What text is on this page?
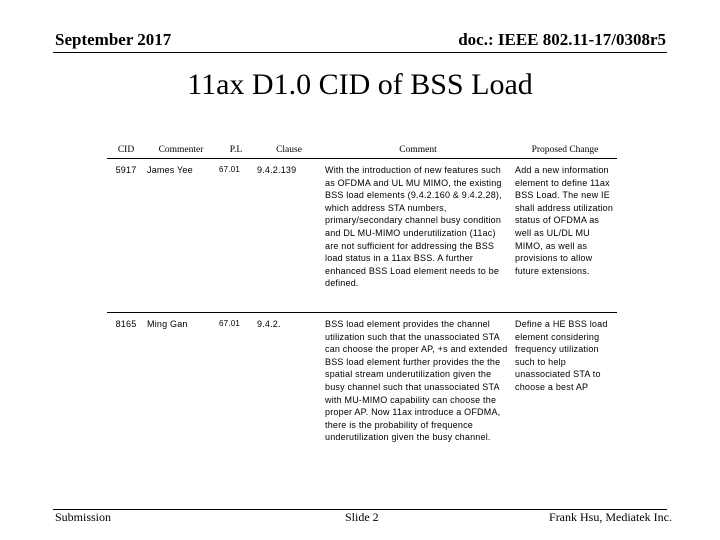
September 2017	doc.: IEEE 802.11-17/0308r5
11ax D1.0 CID of BSS Load
CID	Commenter	P.L	Clause	Comment	Proposed Change
5917	James Yee	67.01	9.4.2.139	With the introduction of new features such as OFDMA and UL MU MIMO, the existing BSS load elements (9.4.2.160 & 9.4.2.28), which address STA numbers, primary/secondary channel busy condition and DL MU-MIMO underutilization (11ac) are not sufficient for addressing the BSS load status in a 11ax BSS. A further enhanced BSS Load element needs to be defined.	Add a new information element to define 11ax BSS Load. The new IE shall address utilization status of OFDMA as well as UL/DL MU MIMO, as well as provisions to allow future extensions.
8165	Ming Gan	67.01	9.4.2.	BSS load element provides the channel utilization such that the unassociated STA can choose the proper AP, +s and extended BSS load element further provides the the spatial stream underutilization given the busy channel such that unassociated STA with MU-MIMO capability can choose the proper AP. Now 11ax introduce a OFDMA, there is the probability of frequence underutilization given the busy channel.	Define a HE BSS load element considering frequency utilization such to help unassociated STA to choose a best AP
Submission	Slide 2	Frank Hsu, Mediatek Inc.
